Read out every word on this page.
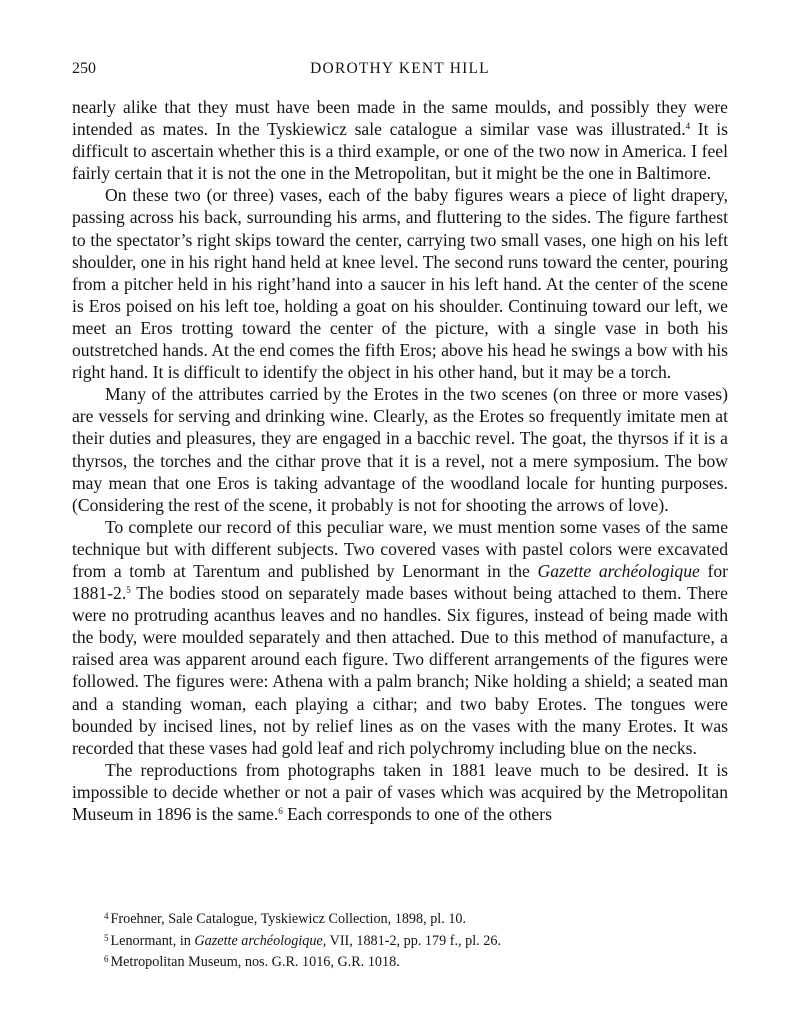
250	DOROTHY KENT HILL

nearly alike that they must have been made in the same moulds, and possibly they were intended as mates. In the Tyskiewicz sale catalogue a similar vase was illustrated.$^4$ It is difficult to ascertain whether this is a third example, or one of the two now in America. I feel fairly certain that it is not the one in the Metropolitan, but it might be the one in Baltimore.

On these two (or three) vases, each of the baby figures wears a piece of light drapery, passing across his back, surrounding his arms, and fluttering to the sides. The figure farthest to the spectator’s right skips toward the center, carrying two small vases, one high on his left shoulder, one in his right hand held at knee level. The second runs toward the center, pouring from a pitcher held in his right’hand into a saucer in his left hand. At the center of the scene is Eros poised on his left toe, holding a goat on his shoulder. Continuing toward our left, we meet an Eros trotting toward the center of the picture, with a single vase in both his outstretched hands. At the end comes the fifth Eros; above his head he swings a bow with his right hand. It is difficult to identify the object in his other hand, but it may be a torch.

Many of the attributes carried by the Erotes in the two scenes (on three or more vases) are vessels for serving and drinking wine. Clearly, as the Erotes so frequently imitate men at their duties and pleasures, they are engaged in a bacchic revel. The goat, the thyrsos if it is a thyrsos, the torches and the cithar prove that it is a revel, not a mere symposium. The bow may mean that one Eros is taking advantage of the woodland locale for hunting purposes. (Considering the rest of the scene, it probably is not for shooting the arrows of love).

To complete our record of this peculiar ware, we must mention some vases of the same technique but with different subjects. Two covered vases with pastel colors were excavated from a tomb at Tarentum and published by Lenormant in the Gazette archéologique for 1881-2.$^5$ The bodies stood on separately made bases without being attached to them. There were no protruding acanthus leaves and no handles. Six figures, instead of being made with the body, were moulded separately and then attached. Due to this method of manufacture, a raised area was apparent around each figure. Two different arrangements of the figures were followed. The figures were: Athena with a palm branch; Nike holding a shield; a seated man and a standing woman, each playing a cithar; and two baby Erotes. The tongues were bounded by incised lines, not by relief lines as on the vases with the many Erotes. It was recorded that these vases had gold leaf and rich polychromy including blue on the necks.

The reproductions from photographs taken in 1881 leave much to be desired. It is impossible to decide whether or not a pair of vases which was acquired by the Metropolitan Museum in 1896 is the same.$^6$ Each corresponds to one of the others

$^4$ Froehner, Sale Catalogue, Tyskiewicz Collection, 1898, pl. 10.

$^5$ Lenormant, in Gazette archéologique, VII, 1881-2, pp. 179 f., pl. 26.

$^6$ Metropolitan Museum, nos. G.R. 1016, G.R. 1018.
